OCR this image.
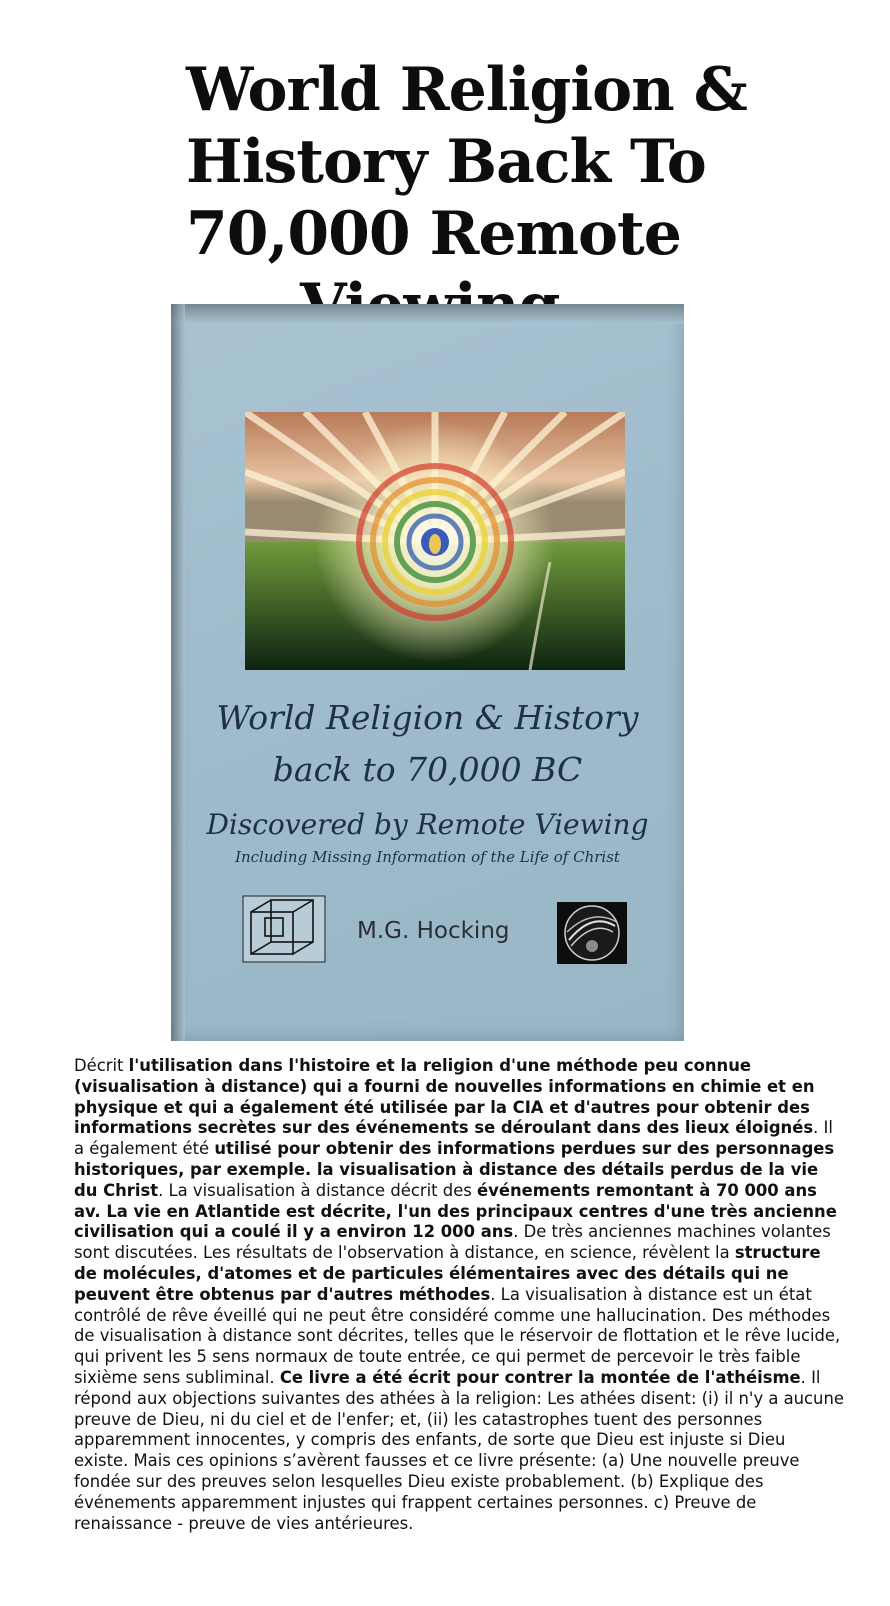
World Religion &
History Back To
70,000 Remote
World Religion & History
back to 70,000 BC
Discovered by Remote Viewing
Including Missing Information of the Life of Christ
M.G. Hocking
Décrit l'utilisation dans l'histoire et la religion d'une méthode peu connue (visualisation à distance) qui a fourni de nouvelles informations en chimie et en physique et qui a également été utilisée par la CIA et d'autres pour obtenir des informations secrètes sur des événements se déroulant dans des lieux éloignés. Il a également été utilisé pour obtenir des informations perdues sur des personnages historiques, par exemple. la visualisation à distance des détails perdus de la vie du Christ. La visualisation à distance décrit des événements remontant à 70 000 ans av. La vie en Atlantide est décrite, l'un des principaux centres d'une très ancienne civilisation qui a coulé il y a environ 12 000 ans. De très anciennes machines volantes sont discutées. Les résultats de l'observation à distance, en science, révèlent la structure de molécules, d'atomes et de particules élémentaires avec des détails qui ne peuvent être obtenus par d'autres méthodes. La visualisation à distance est un état contrôlé de rêve éveillé qui ne peut être considéré comme une hallucination. Des méthodes de visualisation à distance sont décrites, telles que le réservoir de flottation et le rêve lucide, qui privent les 5 sens normaux de toute entrée, ce qui permet de percevoir le très faible sixième sens subliminal. Ce livre a été écrit pour contrer la montée de l'athéisme. Il répond aux objections suivantes des athées à la religion: Les athées disent: (i) il n'y a aucune preuve de Dieu, ni du ciel et de l'enfer; et, (ii) les catastrophes tuent des personnes apparemment innocentes, y compris des enfants, de sorte que Dieu est injuste si Dieu existe. Mais ces opinions s’avèrent fausses et ce livre présente: (a) Une nouvelle preuve fondée sur des preuves selon lesquelles Dieu existe probablement. (b) Explique des événements apparemment injustes qui frappent certaines personnes. c) Preuve de renaissance - preuve de vies antérieures.
